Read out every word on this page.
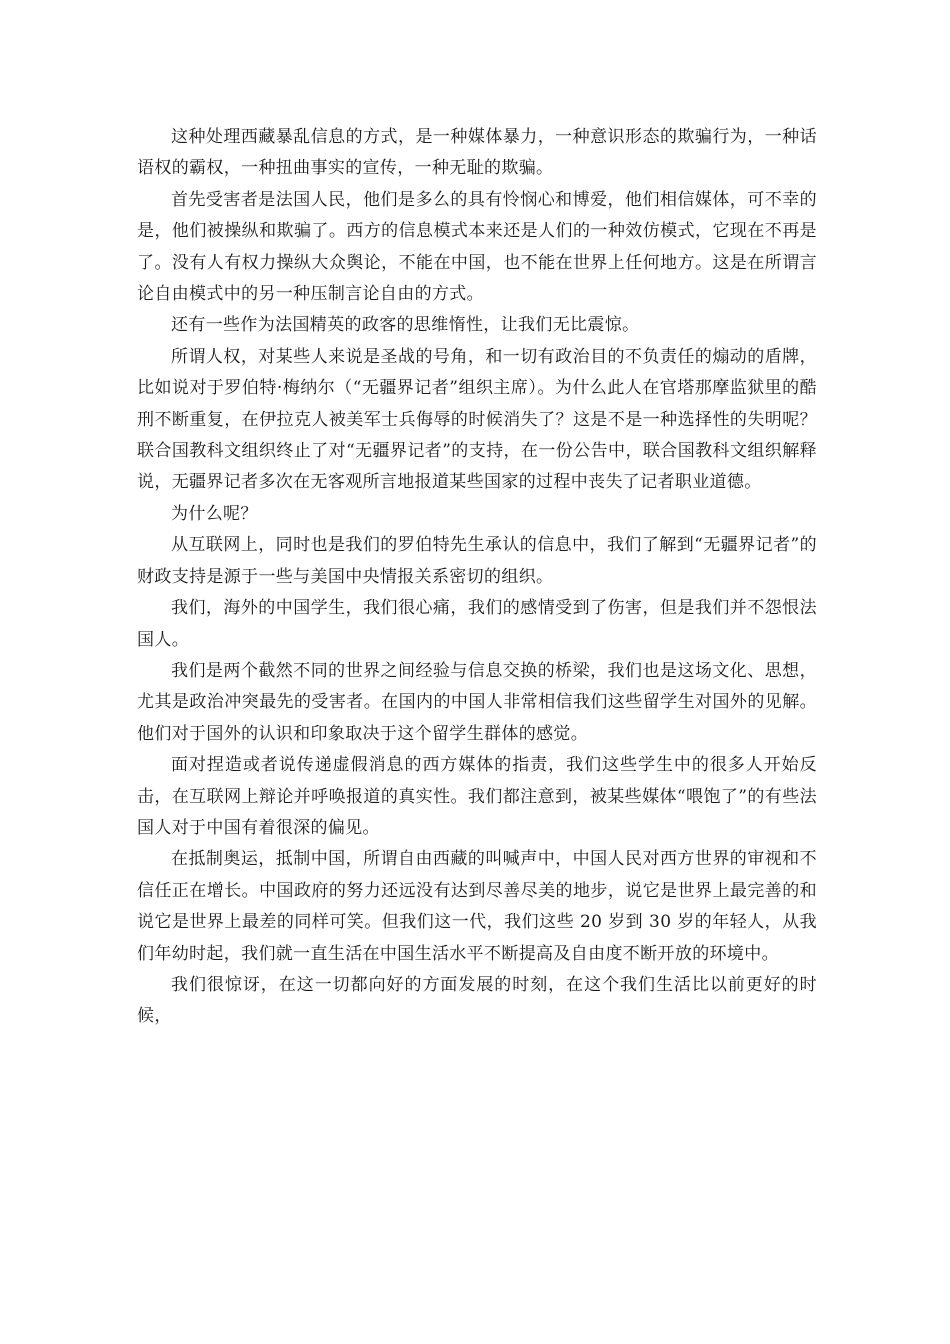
这种处理西藏暴乱信息的方式，是一种媒体暴力，一种意识形态的欺骗行为，一种话语权的霸权，一种扭曲事实的宣传，一种无耻的欺骗。

首先受害者是法国人民，他们是多么的具有怜悯心和博爱，他们相信媒体，可不幸的是，他们被操纵和欺骗了。西方的信息模式本来还是人们的一种效仿模式，它现在不再是了。没有人有权力操纵大众舆论，不能在中国，也不能在世界上任何地方。这是在所谓言论自由模式中的另一种压制言论自由的方式。

还有一些作为法国精英的政客的思维惰性，让我们无比震惊。

所谓人权，对某些人来说是圣战的号角，和一切有政治目的不负责任的煽动的盾牌，比如说对于罗伯特·梅纳尔（“无疆界记者”组织主席）。为什么此人在官塔那摩监狱里的酷刑不断重复，在伊拉克人被美军士兵侮辱的时候消失了？这是不是一种选择性的失明呢？联合国教科文组织终止了对“无疆界记者”的支持，在一份公告中，联合国教科文组织解释说，无疆界记者多次在无客观所言地报道某些国家的过程中丧失了记者职业道德。

为什么呢？

从互联网上，同时也是我们的罗伯特先生承认的信息中，我们了解到“无疆界记者”的财政支持是源于一些与美国中央情报关系密切的组织。

我们，海外的中国学生，我们很心痛，我们的感情受到了伤害，但是我们并不怨恨法国人。

我们是两个截然不同的世界之间经验与信息交换的桥梁，我们也是这场文化、思想，尤其是政治冲突最先的受害者。在国内的中国人非常相信我们这些留学生对国外的见解。他们对于国外的认识和印象取决于这个留学生群体的感觉。

面对捏造或者说传递虚假消息的西方媒体的指责，我们这些学生中的很多人开始反击，在互联网上辩论并呼唤报道的真实性。我们都注意到，被某些媒体“喂饱了”的有些法国人对于中国有着很深的偏见。

在抵制奥运，抵制中国，所谓自由西藏的叫喊声中，中国人民对西方世界的审视和不信任正在增长。中国政府的努力还远没有达到尽善尽美的地步，说它是世界上最完善的和说它是世界上最差的同样可笑。但我们这一代，我们这些 20 岁到 30 岁的年轻人，从我们年幼时起，我们就一直生活在中国生活水平不断提高及自由度不断开放的环境中。

我们很惊讶，在这一切都向好的方面发展的时刻，在这个我们生活比以前更好的时候，
